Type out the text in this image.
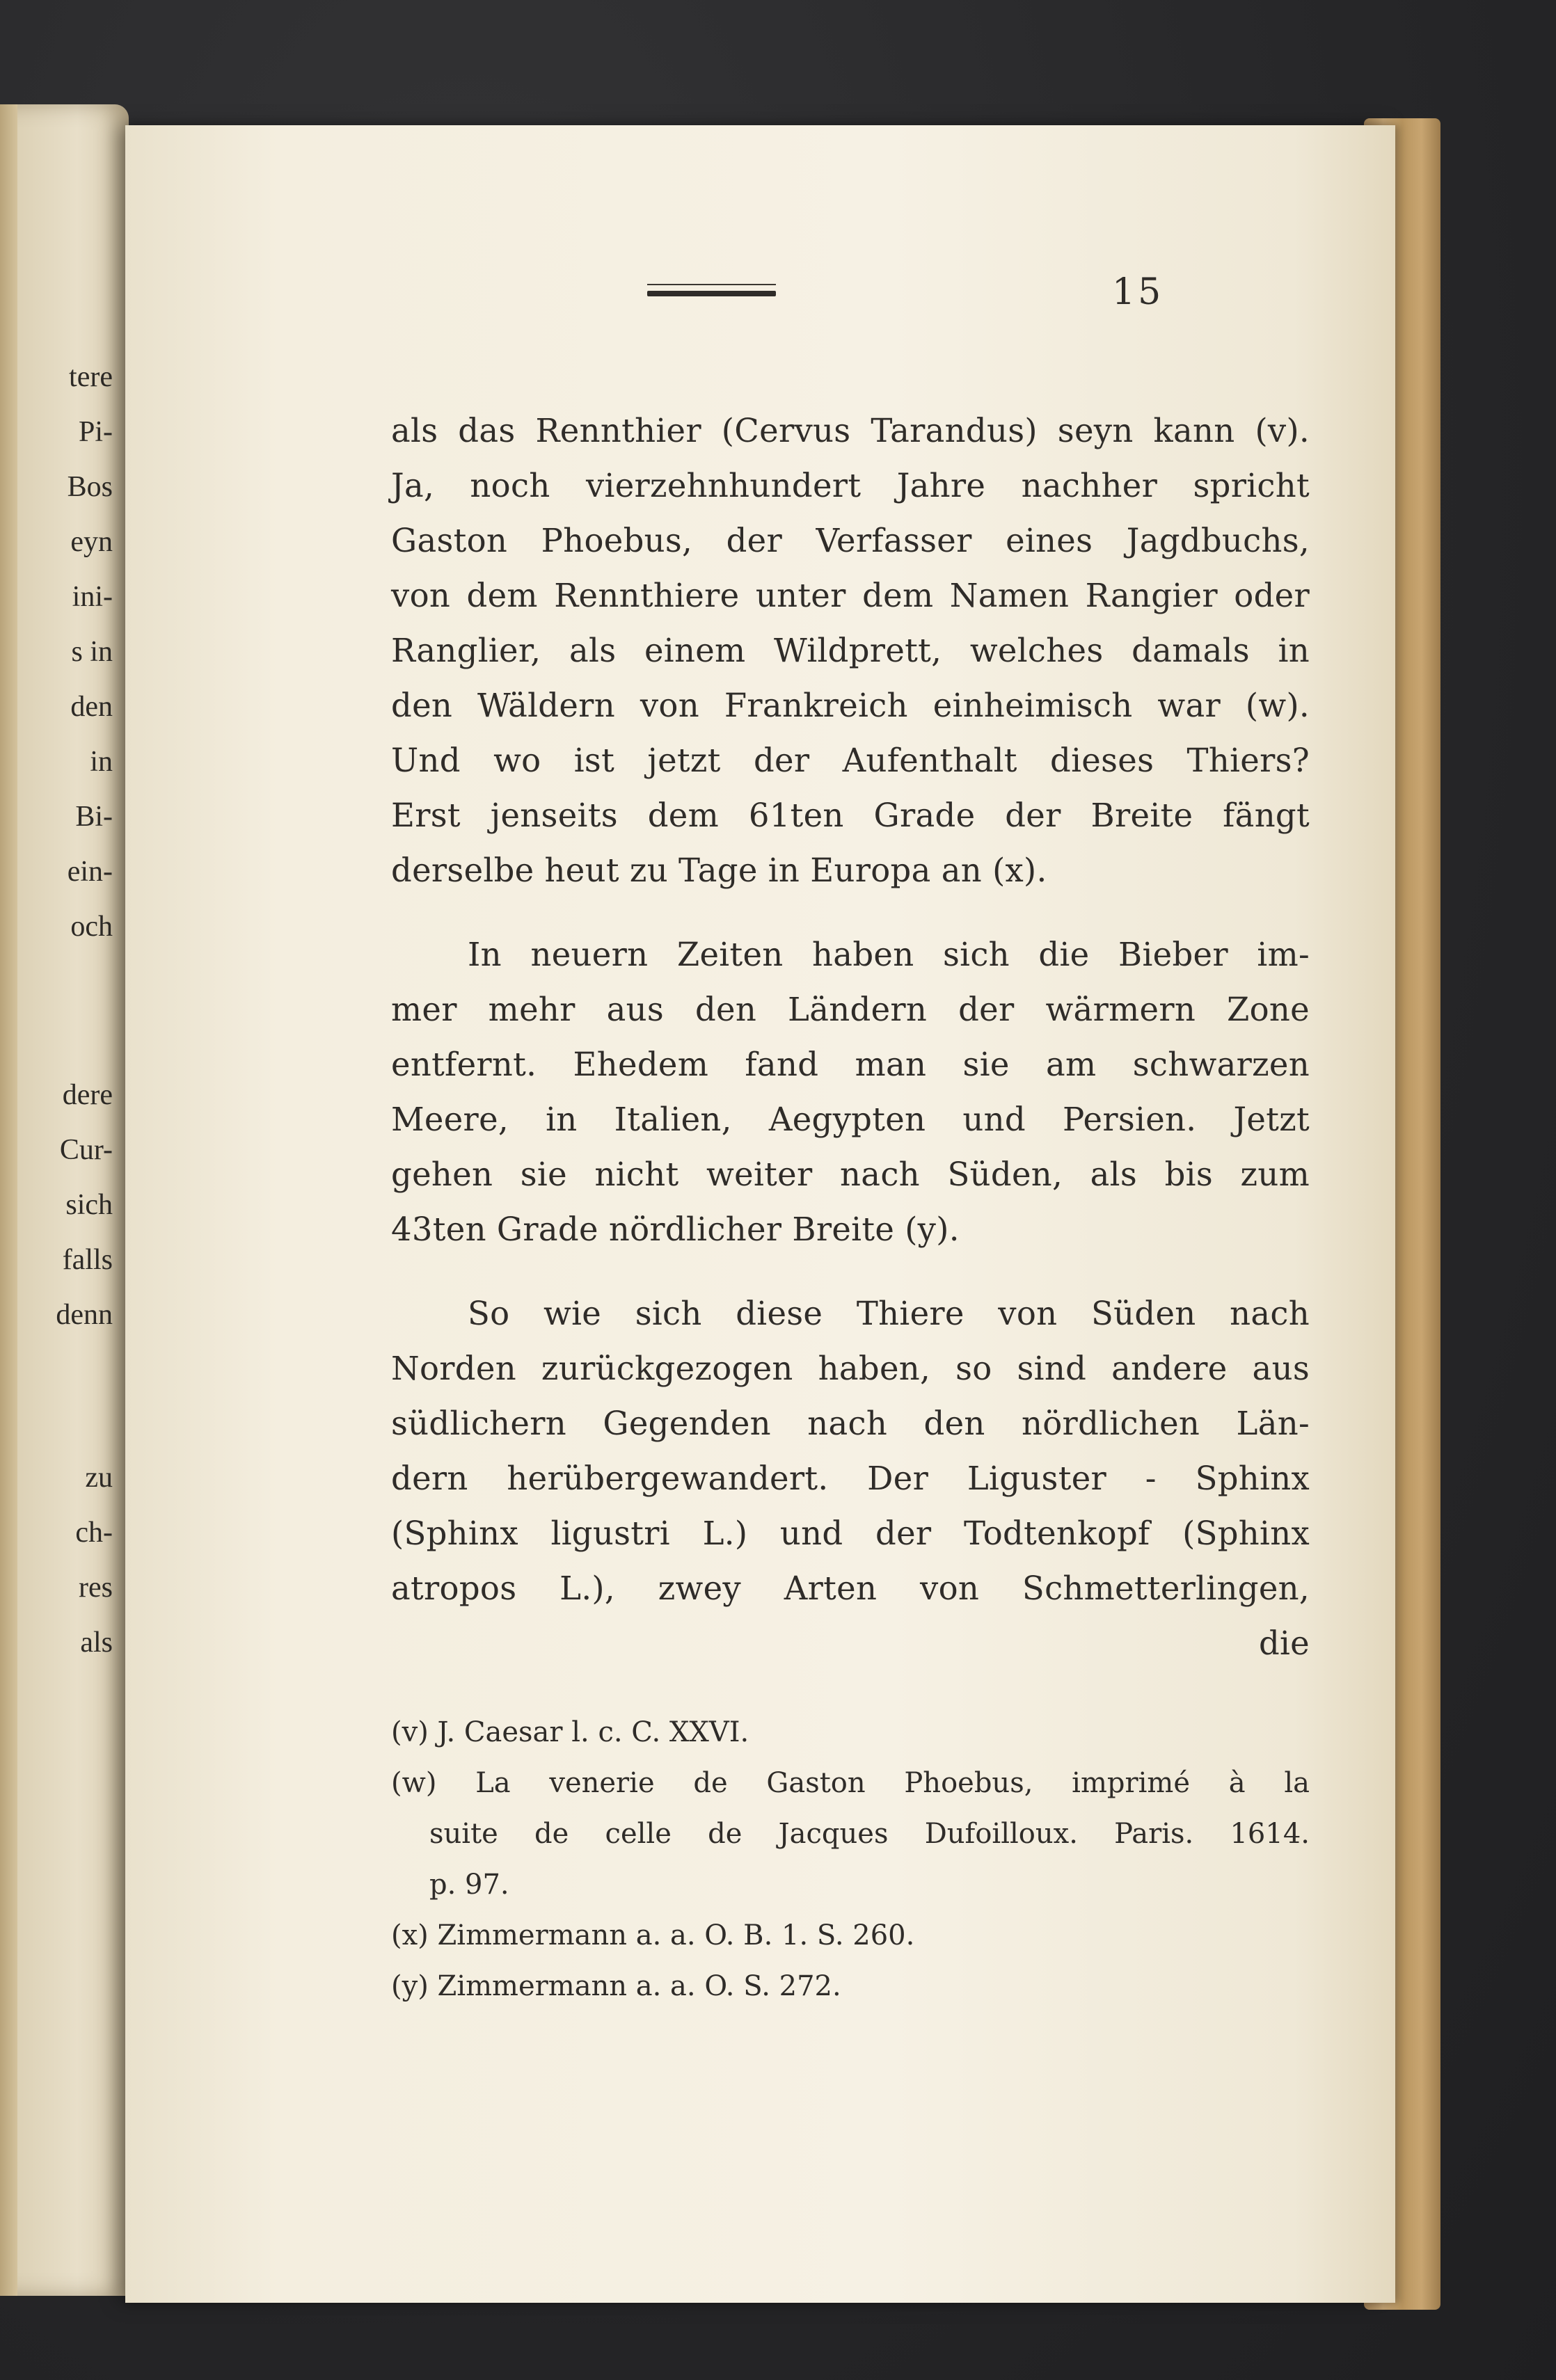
tere
Pi-
Bos
eyn
ini-
s in
den
in
Bi-
ein-
och
dere
Cur-
sich
falls
denn
zu
ch-
res
als
15
als das Rennthier (Cervus Tarandus) seyn kann (v).
Ja, noch vierzehnhundert Jahre nachher spricht
Gaston Phoebus, der Verfasser eines Jagdbuchs,
von dem Rennthiere unter dem Namen Rangier oder
Ranglier, als einem Wildprett, welches damals in
den Wäldern von Frankreich einheimisch war (w).
Und wo ist jetzt der Aufenthalt dieses Thiers?
Erst jenseits dem 61ten Grade der Breite fängt
derselbe heut zu Tage in Europa an (x).
In neuern Zeiten haben sich die Bieber im-
mer mehr aus den Ländern der wärmern Zone
entfernt. Ehedem fand man sie am schwarzen
Meere, in Italien, Aegypten und Persien. Jetzt
gehen sie nicht weiter nach Süden, als bis zum
43ten Grade nördlicher Breite (y).
So wie sich diese Thiere von Süden nach
Norden zurückgezogen haben, so sind andere aus
südlichern Gegenden nach den nördlichen Län-
dern herübergewandert. Der Liguster - Sphinx
(Sphinx ligustri L.) und der Todtenkopf (Sphinx
atropos L.), zwey Arten von Schmetterlingen,
die
(v) J. Caesar l. c. C. XXVI.
(w) La venerie de Gaston Phoebus, imprimé à la
suite de celle de Jacques Dufoilloux. Paris. 1614.
p. 97.
(x) Zimmermann a. a. O. B. 1. S. 260.
(y) Zimmermann a. a. O. S. 272.
